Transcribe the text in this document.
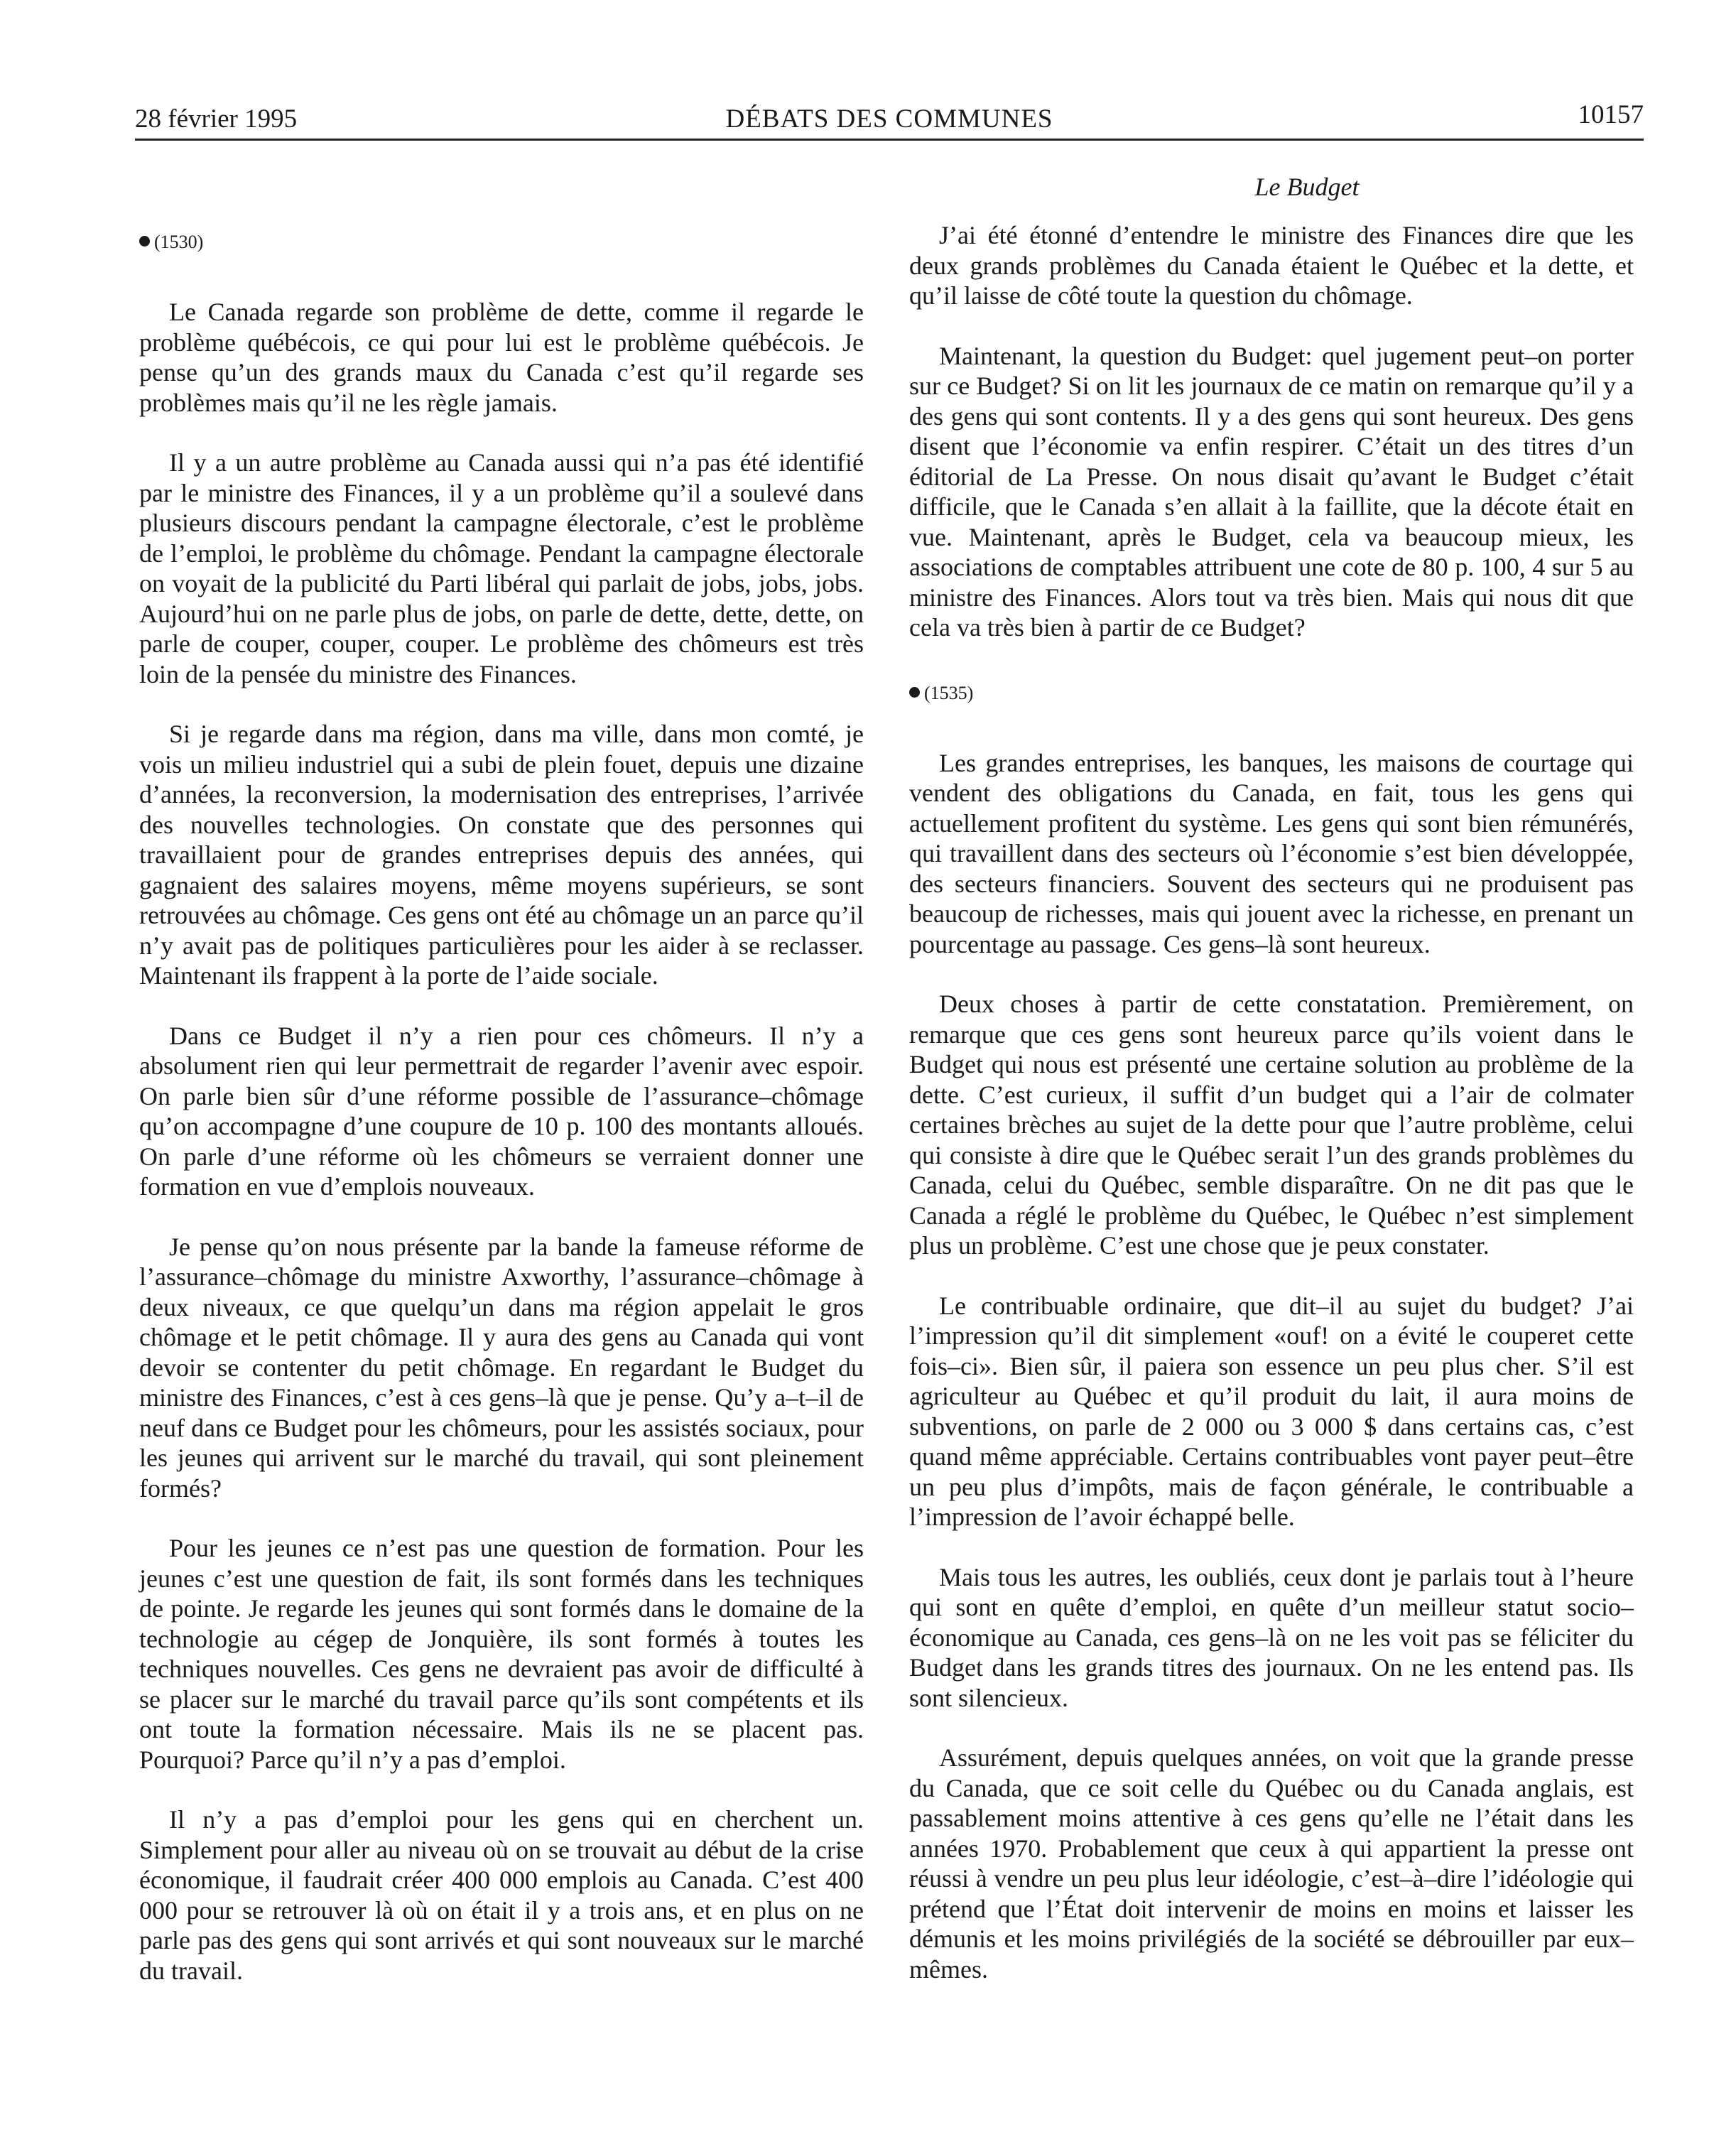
28 février 1995	DÉBATS DES COMMUNES	10157
(1530)

Le Canada regarde son problème de dette, comme il regarde le problème québécois, ce qui pour lui est le problème québécois. Je pense qu’un des grands maux du Canada c’est qu’il regarde ses problèmes mais qu’il ne les règle jamais.

Il y a un autre problème au Canada aussi qui n’a pas été identifié par le ministre des Finances, il y a un problème qu’il a soulevé dans plusieurs discours pendant la campagne électorale, c’est le problème de l’emploi, le problème du chômage. Pendant la campagne électorale on voyait de la publicité du Parti libéral qui parlait de jobs, jobs, jobs. Aujourd’hui on ne parle plus de jobs, on parle de dette, dette, dette, on parle de couper, couper, couper. Le problème des chômeurs est très loin de la pensée du ministre des Finances.

Si je regarde dans ma région, dans ma ville, dans mon comté, je vois un milieu industriel qui a subi de plein fouet, depuis une dizaine d’années, la reconversion, la modernisation des entreprises, l’arrivée des nouvelles technologies. On constate que des personnes qui travaillaient pour de grandes entreprises depuis des années, qui gagnaient des salaires moyens, même moyens supérieurs, se sont retrouvées au chômage. Ces gens ont été au chômage un an parce qu’il n’y avait pas de politiques particulières pour les aider à se reclasser. Maintenant ils frappent à la porte de l’aide sociale.

Dans ce Budget il n’y a rien pour ces chômeurs. Il n’y a absolument rien qui leur permettrait de regarder l’avenir avec espoir. On parle bien sûr d’une réforme possible de l’assurance–chômage qu’on accompagne d’une coupure de 10 p. 100 des montants alloués. On parle d’une réforme où les chômeurs se verraient donner une formation en vue d’emplois nouveaux.

Je pense qu’on nous présente par la bande la fameuse réforme de l’assurance–chômage du ministre Axworthy, l’assurance–chômage à deux niveaux, ce que quelqu’un dans ma région appelait le gros chômage et le petit chômage. Il y aura des gens au Canada qui vont devoir se contenter du petit chômage. En regardant le Budget du ministre des Finances, c’est à ces gens–là que je pense. Qu’y a–t–il de neuf dans ce Budget pour les chômeurs, pour les assistés sociaux, pour les jeunes qui arrivent sur le marché du travail, qui sont pleinement formés?

Pour les jeunes ce n’est pas une question de formation. Pour les jeunes c’est une question de fait, ils sont formés dans les techniques de pointe. Je regarde les jeunes qui sont formés dans le domaine de la technologie au cégep de Jonquière, ils sont formés à toutes les techniques nouvelles. Ces gens ne devraient pas avoir de difficulté à se placer sur le marché du travail parce qu’ils sont compétents et ils ont toute la formation nécessaire. Mais ils ne se placent pas. Pourquoi? Parce qu’il n’y a pas d’emploi.

Il n’y a pas d’emploi pour les gens qui en cherchent un. Simplement pour aller au niveau où on se trouvait au début de la crise économique, il faudrait créer 400 000 emplois au Canada. C’est 400 000 pour se retrouver là où on était il y a trois ans, et en plus on ne parle pas des gens qui sont arrivés et qui sont nouveaux sur le marché du travail.

Le Budget

J’ai été étonné d’entendre le ministre des Finances dire que les deux grands problèmes du Canada étaient le Québec et la dette, et qu’il laisse de côté toute la question du chômage.

Maintenant, la question du Budget: quel jugement peut–on porter sur ce Budget? Si on lit les journaux de ce matin on remarque qu’il y a des gens qui sont contents. Il y a des gens qui sont heureux. Des gens disent que l’économie va enfin respirer. C’était un des titres d’un éditorial de La Presse. On nous disait qu’avant le Budget c’était difficile, que le Canada s’en allait à la faillite, que la décote était en vue. Maintenant, après le Budget, cela va beaucoup mieux, les associations de comptables attribuent une cote de 80 p. 100, 4 sur 5 au ministre des Finances. Alors tout va très bien. Mais qui nous dit que cela va très bien à partir de ce Budget?

(1535)

Les grandes entreprises, les banques, les maisons de courtage qui vendent des obligations du Canada, en fait, tous les gens qui actuellement profitent du système. Les gens qui sont bien rémunérés, qui travaillent dans des secteurs où l’économie s’est bien développée, des secteurs financiers. Souvent des secteurs qui ne produisent pas beaucoup de richesses, mais qui jouent avec la richesse, en prenant un pourcentage au passage. Ces gens–là sont heureux.

Deux choses à partir de cette constatation. Premièrement, on remarque que ces gens sont heureux parce qu’ils voient dans le Budget qui nous est présenté une certaine solution au problème de la dette. C’est curieux, il suffit d’un budget qui a l’air de colmater certaines brèches au sujet de la dette pour que l’autre problème, celui qui consiste à dire que le Québec serait l’un des grands problèmes du Canada, celui du Québec, semble disparaître. On ne dit pas que le Canada a réglé le problème du Québec, le Québec n’est simplement plus un problème. C’est une chose que je peux constater.

Le contribuable ordinaire, que dit–il au sujet du budget? J’ai l’impression qu’il dit simplement «ouf! on a évité le couperet cette fois–ci». Bien sûr, il paiera son essence un peu plus cher. S’il est agriculteur au Québec et qu’il produit du lait, il aura moins de subventions, on parle de 2 000 ou 3 000 $ dans certains cas, c’est quand même appréciable. Certains contribuables vont payer peut–être un peu plus d’impôts, mais de façon générale, le contribuable a l’impression de l’avoir échappé belle.

Mais tous les autres, les oubliés, ceux dont je parlais tout à l’heure qui sont en quête d’emploi, en quête d’un meilleur statut socio–économique au Canada, ces gens–là on ne les voit pas se féliciter du Budget dans les grands titres des journaux. On ne les entend pas. Ils sont silencieux.

Assurément, depuis quelques années, on voit que la grande presse du Canada, que ce soit celle du Québec ou du Canada anglais, est passablement moins attentive à ces gens qu’elle ne l’était dans les années 1970. Probablement que ceux à qui appartient la presse ont réussi à vendre un peu plus leur idéologie, c’est–à–dire l’idéologie qui prétend que l’État doit intervenir de moins en moins et laisser les démunis et les moins privilégiés de la société se débrouiller par eux–mêmes.
